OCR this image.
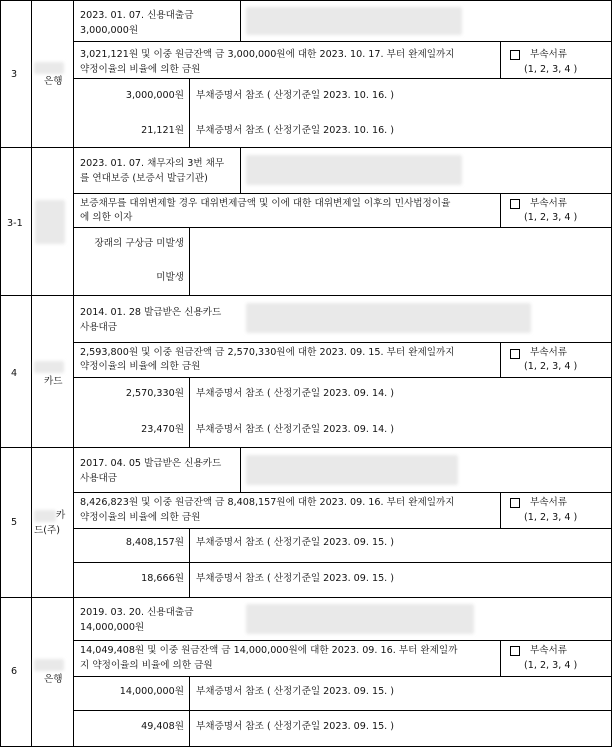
3
은행
2023. 01. 07. 신용대출금
3,000,000원
3,021,121원 및 이중 원금잔액 금 3,000,000원에 대한 2023. 10. 17. 부터 완제일까지
약정이율의 비율에 의한 금원
부속서류
(1, 2, 3, 4 )
3,000,000원 부채증명서 참조 ( 산정기준일 2023. 10. 16. )
21,121원 부채증명서 참조 ( 산정기준일 2023. 10. 16. )
3-1
2023. 01. 07. 채무자의 3번 채무
를 연대보증 (보증서 발급기관)
보증채무를 대위변제할 경우 대위변제금액 및 이에 대한 대위변제일 이후의 민사법정이율
에 의한 이자
부속서류
(1, 2, 3, 4 )
장래의 구상금 미발생
미발생
4
카드
2014. 01. 28 발급받은 신용카드
사용대금
2,593,800원 및 이중 원금잔액 금 2,570,330원에 대한 2023. 09. 15. 부터 완제일까지
약정이율의 비율에 의한 금원
부속서류
(1, 2, 3, 4 )
2,570,330원 부채증명서 참조 ( 산정기준일 2023. 09. 14. )
23,470원 부채증명서 참조 ( 산정기준일 2023. 09. 14. )
5
카
드(주)
2017. 04. 05 발급받은 신용카드
사용대금
8,426,823원 및 이중 원금잔액 금 8,408,157원에 대한 2023. 09. 16. 부터 완제일까지
약정이율의 비율에 의한 금원
부속서류
(1, 2, 3, 4 )
8,408,157원 부채증명서 참조 ( 산정기준일 2023. 09. 15. )
18,666원 부채증명서 참조 ( 산정기준일 2023. 09. 15. )
6
은행
2019. 03. 20. 신용대출금
14,000,000원
14,049,408원 및 이중 원금잔액 금 14,000,000원에 대한 2023. 09. 16. 부터 완제일까
지 약정이율의 비율에 의한 금원
부속서류
(1, 2, 3, 4 )
14,000,000원 부채증명서 참조 ( 산정기준일 2023. 09. 15. )
49,408원 부채증명서 참조 ( 산정기준일 2023. 09. 15. )
